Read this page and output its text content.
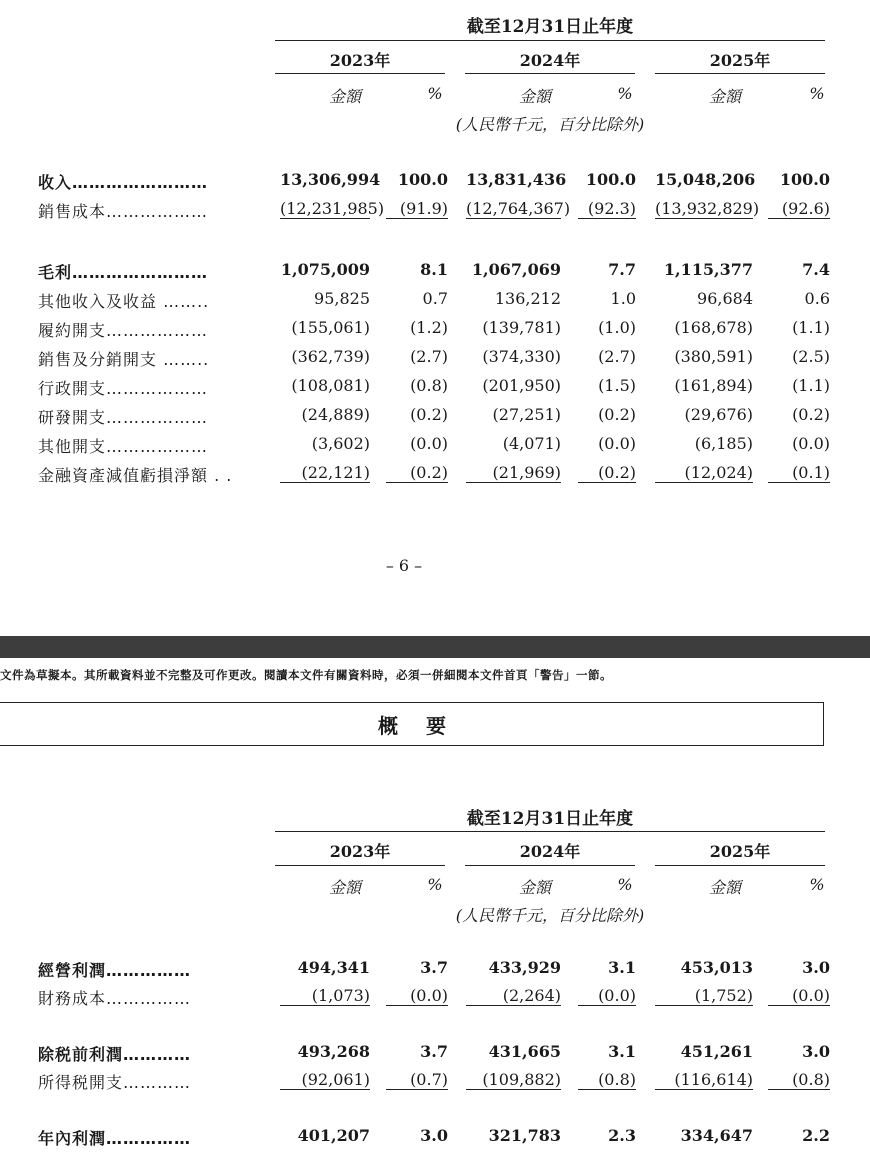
截至12月31日止年度
2023年	2024年	2025年
金額	%	金額	%	金額	%
(人民幣千元，百分比除外)
收入……………………	13,306,994	100.0 13,831,436	100.0 15,048,206	100.0
銷售成本………………	(12,231,985) (91.9) (12,764,367)	(92.3) (13,932,829)	(92.6)
毛利……………………	1,075,009	8.1	1,067,069	7.7	1,115,377	7.4
其他收入及收益 ……..	95,825	0.7	136,212	1.0	96,684	0.6
履約開支………………	(155,061)	(1.2)	(139,781)	(1.0)	(168,678)	(1.1)
銷售及分銷開支 ……..	(362,739)	(2.7)	(374,330)	(2.7)	(380,591)	(2.5)
行政開支………………	(108,081)	(0.8)	(201,950)	(1.5)	(161,894)	(1.1)
研發開支………………	(24,889)	(0.2)	(27,251)	(0.2)	(29,676)	(0.2)
其他開支………………	(3,602)	(0.0)	(4,071)	(0.0)	(6,185)	(0.0)
金融資產減值虧損淨額 . .	(22,121)	(0.2)	(21,969)	(0.2)	(12,024)	(0.1)
– 6 –
文件為草擬本。其所載資料並不完整及可作更改。閱讀本文件有關資料時，必須一併細閱本文件首頁「警告」一節。
概要
截至12月31日止年度
2023年	2024年	2025年
金額	%	金額	%	金額	%
(人民幣千元，百分比除外)
經營利潤……………	494,341	3.7	433,929	3.1	453,013	3.0
財務成本……………	(1,073)	(0.0)	(2,264)	(0.0)	(1,752)	(0.0)
除税前利潤…………	493,268	3.7	431,665	3.1	451,261	3.0
所得税開支…………	(92,061)	(0.7)	(109,882)	(0.8)	(116,614)	(0.8)
年內利潤……………	401,207	3.0	321,783	2.3	334,647	2.2
